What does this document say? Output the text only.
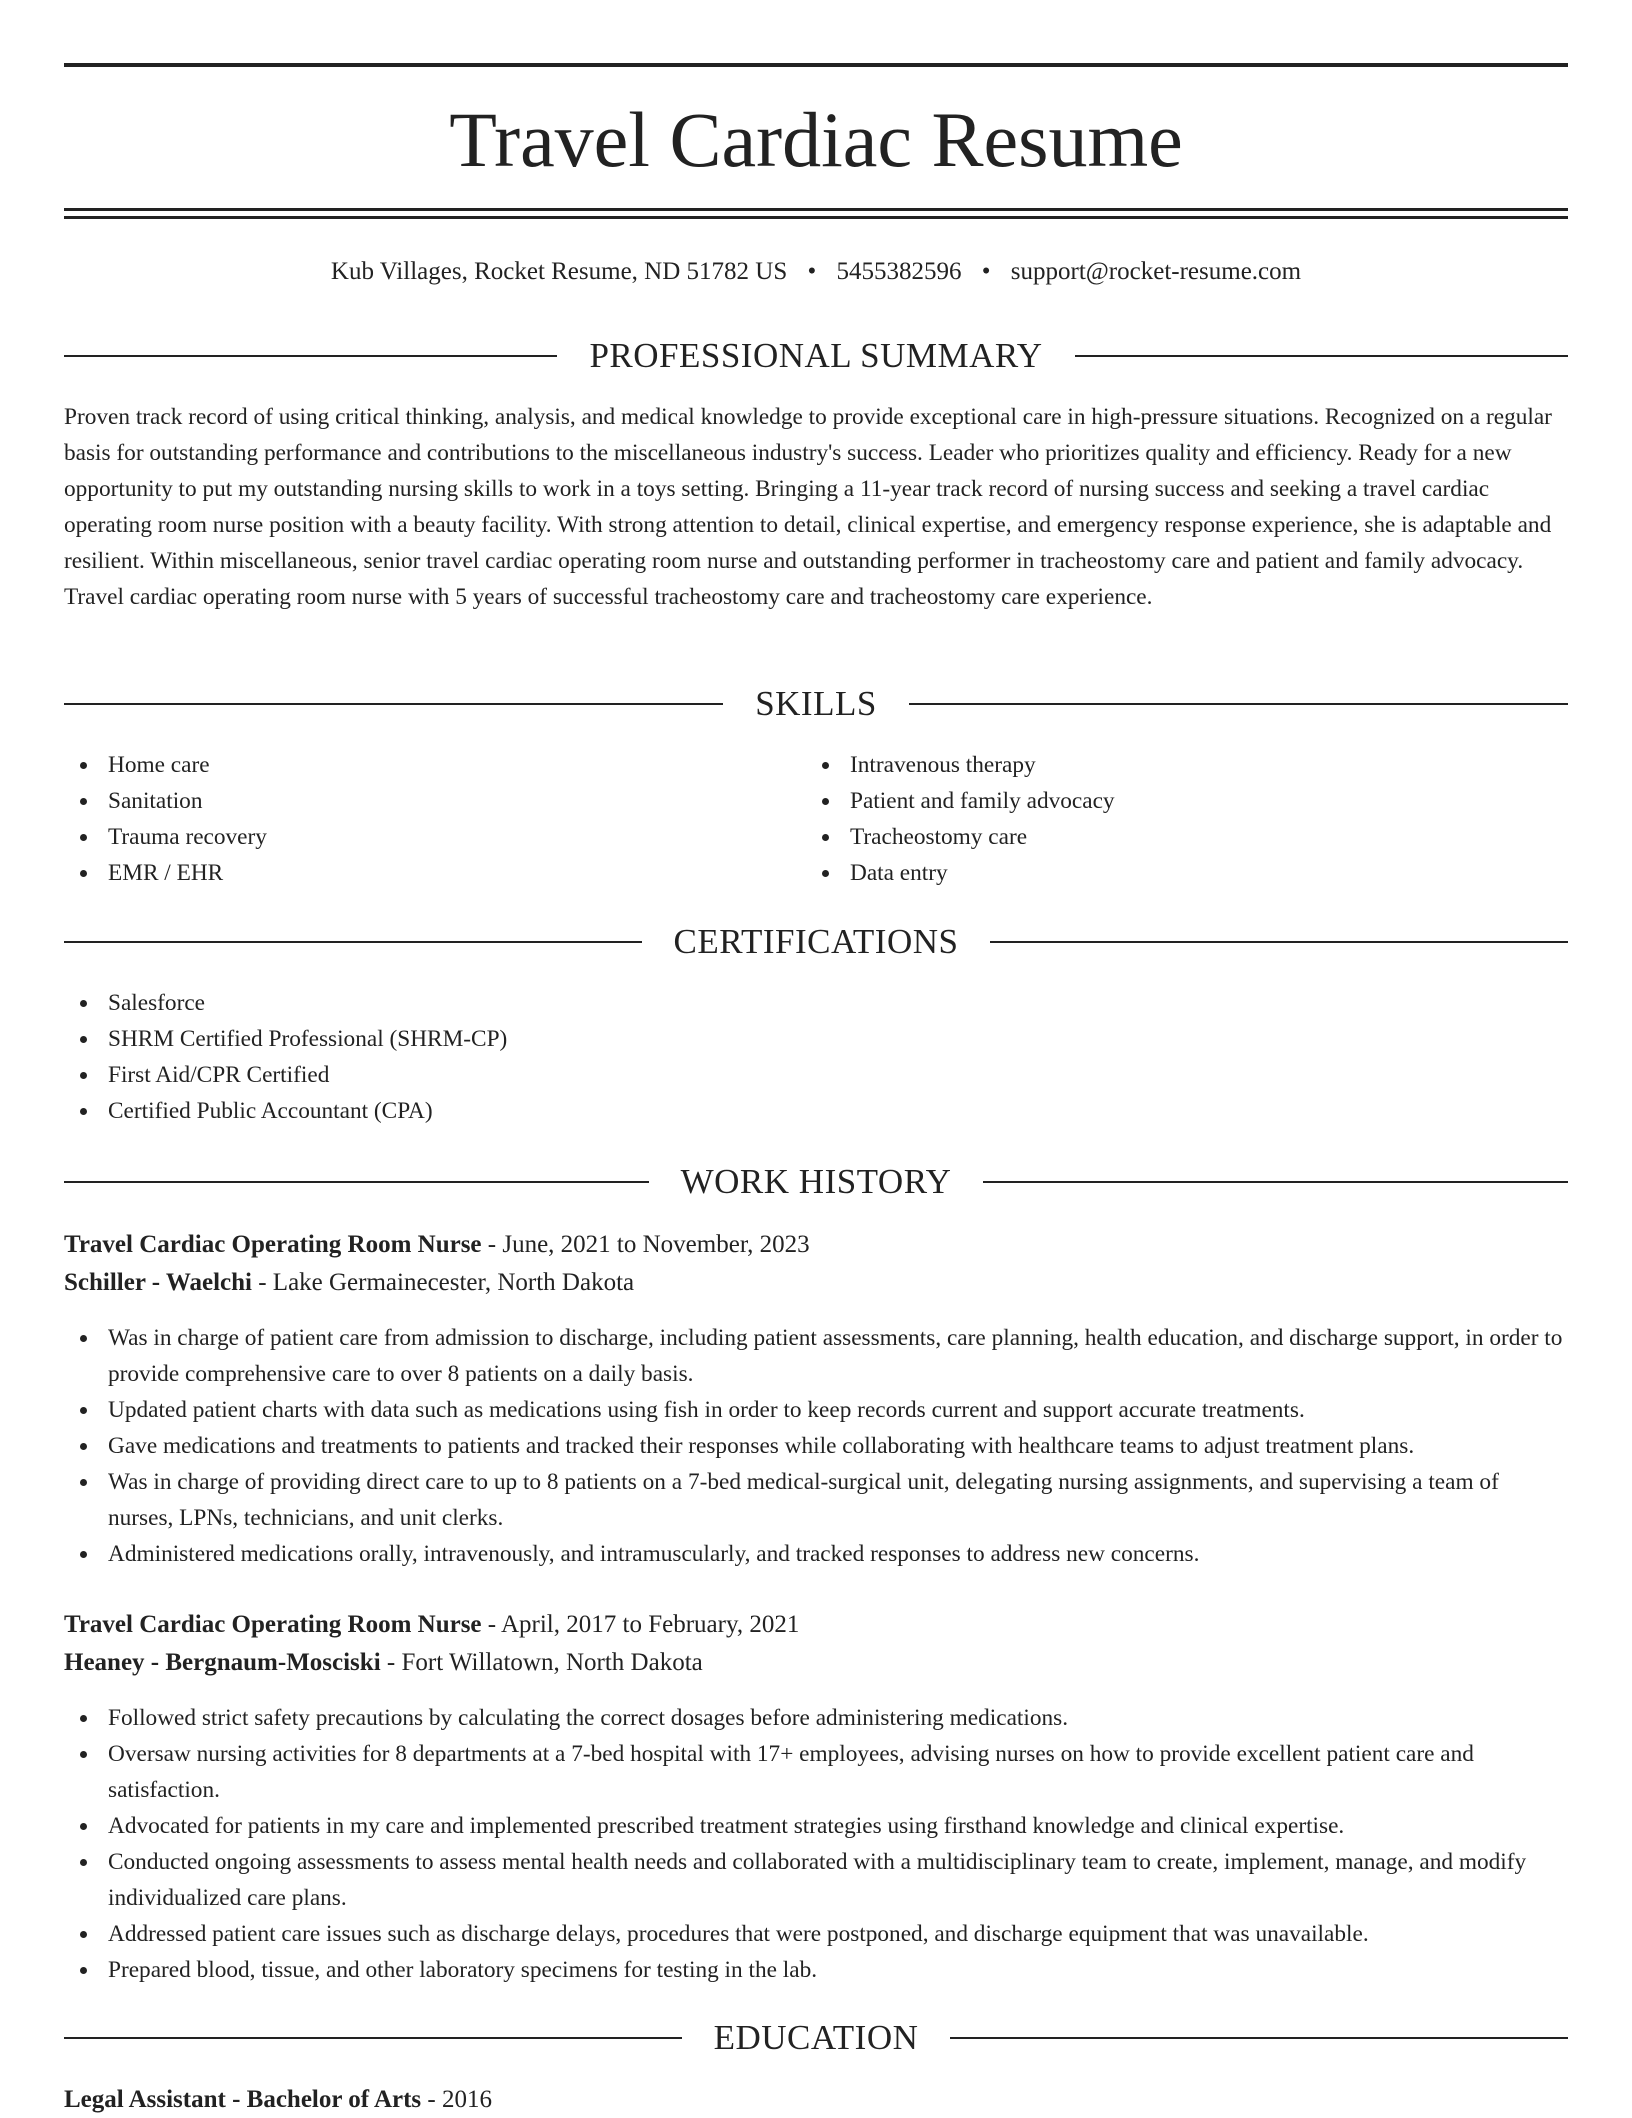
Travel Cardiac Resume
Kub Villages, Rocket Resume, ND 51782 US • 5455382596 • support@rocket-resume.com
PROFESSIONAL SUMMARY

Proven track record of using critical thinking, analysis, and medical knowledge to provide exceptional care in high-pressure situations. Recognized on a regular basis for outstanding performance and contributions to the miscellaneous industry's success. Leader who prioritizes quality and efficiency. Ready for a new opportunity to put my outstanding nursing skills to work in a toys setting. Bringing a 11-year track record of nursing success and seeking a travel cardiac operating room nurse position with a beauty facility. With strong attention to detail, clinical expertise, and emergency response experience, she is adaptable and resilient. Within miscellaneous, senior travel cardiac operating room nurse and outstanding performer in tracheostomy care and patient and family advocacy. Travel cardiac operating room nurse with 5 years of successful tracheostomy care and tracheostomy care experience.

SKILLS
Home care
Sanitation
Trauma recovery
EMR / EHR
Intravenous therapy
Patient and family advocacy
Tracheostomy care
Data entry
CERTIFICATIONS
Salesforce
SHRM Certified Professional (SHRM-CP)
First Aid/CPR Certified
Certified Public Accountant (CPA)
WORK HISTORY
Travel Cardiac Operating Room Nurse - June, 2021 to November, 2023
Schiller - Waelchi - Lake Germainecester, North Dakota
Was in charge of patient care from admission to discharge, including patient assessments, care planning, health education, and discharge support, in order to provide comprehensive care to over 8 patients on a daily basis.
Updated patient charts with data such as medications using fish in order to keep records current and support accurate treatments.
Gave medications and treatments to patients and tracked their responses while collaborating with healthcare teams to adjust treatment plans.
Was in charge of providing direct care to up to 8 patients on a 7-bed medical-surgical unit, delegating nursing assignments, and supervising a team of nurses, LPNs, technicians, and unit clerks.
Administered medications orally, intravenously, and intramuscularly, and tracked responses to address new concerns.
Travel Cardiac Operating Room Nurse - April, 2017 to February, 2021
Heaney - Bergnaum-Mosciski - Fort Willatown, North Dakota
Followed strict safety precautions by calculating the correct dosages before administering medications.
Oversaw nursing activities for 8 departments at a 7-bed hospital with 17+ employees, advising nurses on how to provide excellent patient care and satisfaction.
Advocated for patients in my care and implemented prescribed treatment strategies using firsthand knowledge and clinical expertise.
Conducted ongoing assessments to assess mental health needs and collaborated with a multidisciplinary team to create, implement, manage, and modify individualized care plans.
Addressed patient care issues such as discharge delays, procedures that were postponed, and discharge equipment that was unavailable.
Prepared blood, tissue, and other laboratory specimens for testing in the lab.
EDUCATION
Legal Assistant - Bachelor of Arts - 2016
